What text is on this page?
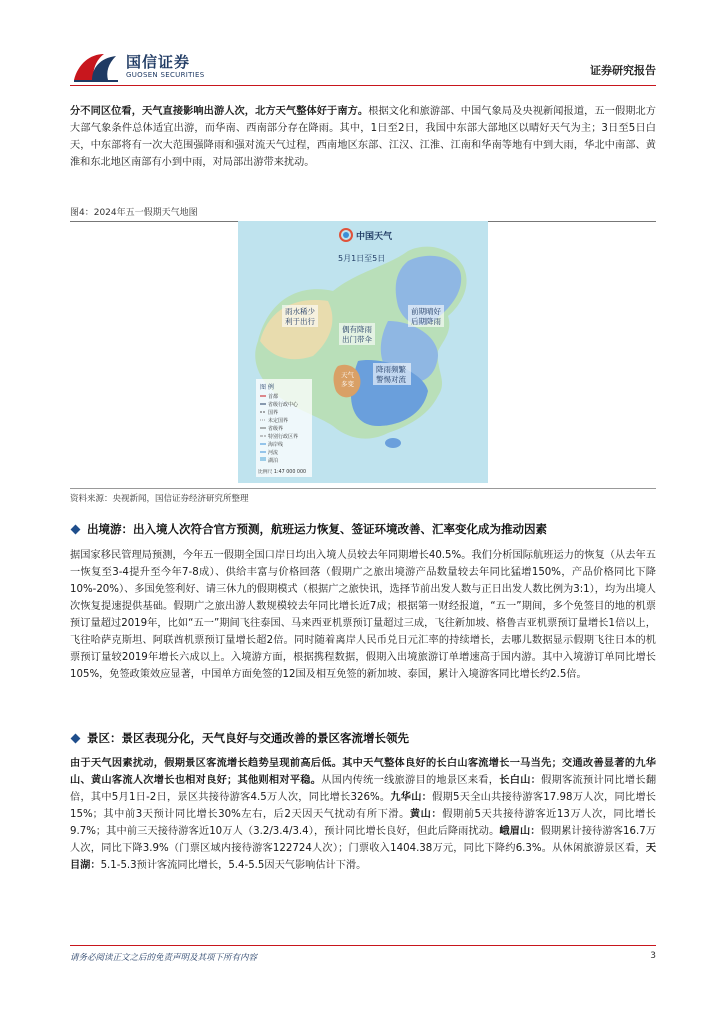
国信证券
GUOSEN SECURITIES	证券研究报告

分不同区位看，天气直接影响出游人次，北方天气整体好于南方。根据文化和旅游部、中国气象局及央视新闻报道，五一假期北方大部气象条件总体适宜出游，而华南、西南部分存在降雨。其中，1日至2日，我国中东部大部地区以晴好天气为主；3日至5日白天，中东部将有一次大范围强降雨和强对流天气过程，西南地区东部、江汉、江淮、江南和华南等地有中到大雨，华北中南部、黄淮和东北地区南部有小到中雨，对局部出游带来扰动。

图4：2024年五一假期天气地图
中国天气
5月1日至5日
雨水稀少
利于出行
前期晴好
后期降雨
偶有降雨
出门带伞
降雨频繁
警惕对流
天气
多变
图 例
首都
省级行政中心
国界
未定国界
省级界
特别行政区界
海岸线
河流
湖泊
比例尺 1:47 000 000
资料来源：央视新闻，国信证券经济研究所整理
出境游：出入境人次符合官方预测，航班运力恢复、签证环境改善、汇率变化成为推动因素

据国家移民管理局预测，今年五一假期全国口岸日均出入境人员较去年同期增长40.5%。我们分析国际航班运力的恢复（从去年五一恢复至3-4提升至今年7-8成）、供给丰富与价格回落（假期广之旅出境游产品数量较去年同比猛增150%，产品价格同比下降10%-20%）、多国免签利好、请三休九的假期模式（根据广之旅快讯，选择节前出发人数与正日出发人数比例为3:1），均为出境人次恢复提速提供基础。假期广之旅出游人数规模较去年同比增长近7成；根据第一财经报道，“五一”期间，多个免签目的地的机票预订量超过2019年，比如“五一”期间飞往泰国、马来西亚机票预订量超过三成，飞往新加坡、格鲁吉亚机票预订量增长1倍以上，飞往哈萨克斯坦、阿联酋机票预订量增长超2倍。同时随着离岸人民币兑日元汇率的持续增长，去哪儿数据显示假期飞往日本的机票预订量较2019年增长六成以上。入境游方面，根据携程数据，假期入出境旅游订单增速高于国内游。其中入境游订单同比增长105%，免签政策效应显著，中国单方面免签的12国及相互免签的新加坡、泰国，累计入境游客同比增长约2.5倍。

景区：景区表现分化，天气良好与交通改善的景区客流增长领先

由于天气因素扰动，假期景区客流增长趋势呈现前高后低。其中天气整体良好的长白山客流增长一马当先；交通改善显著的九华山、黄山客流人次增长也相对良好；其他则相对平稳。从国内传统一线旅游目的地景区来看，长白山：假期客流预计同比增长翻倍，其中5月1日-2日，景区共接待游客4.5万人次，同比增长326%。九华山：假期5天全山共接待游客17.98万人次，同比增长15%；其中前3天预计同比增长30%左右，后2天因天气扰动有所下滑。黄山：假期前5天共接待游客近13万人次，同比增长9.7%；其中前三天接待游客近10万人（3.2/3.4/3.4），预计同比增长良好，但此后降雨扰动。峨眉山：假期累计接待游客16.7万人次，同比下降3.9%（门票区域内接待游客122724人次）；门票收入1404.38万元，同比下降约6.3%。从休闲旅游景区看，天目湖：5.1-5.3预计客流同比增长，5.4-5.5因天气影响估计下滑。

请务必阅读正文之后的免责声明及其项下所有内容	3
